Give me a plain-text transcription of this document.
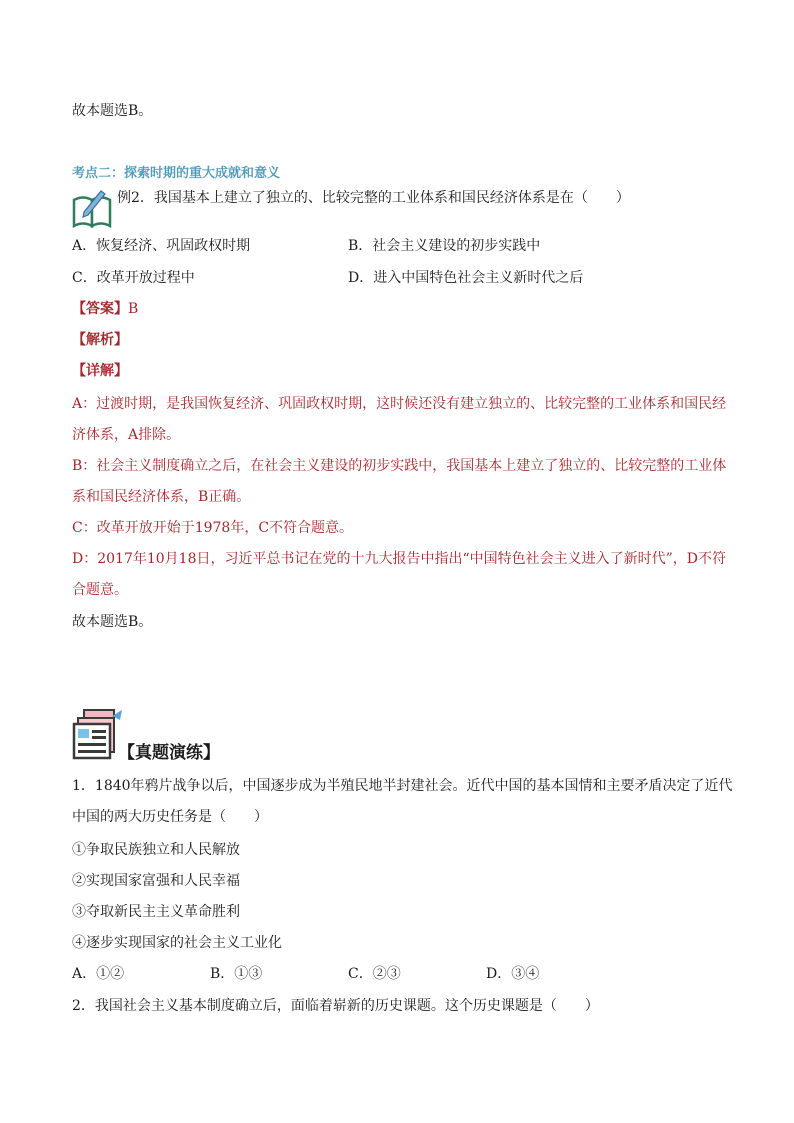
故本题选B。
考点二：探索时期的重大成就和意义
例2．我国基本上建立了独立的、比较完整的工业体系和国民经济体系是在（　　）
A．恢复经济、巩固政权时期	B．社会主义建设的初步实践中
C．改革开放过程中	D．进入中国特色社会主义新时代之后
【答案】B
【解析】
【详解】
A：过渡时期，是我国恢复经济、巩固政权时期，这时候还没有建立独立的、比较完整的工业体系和国民经
济体系，A排除。
B：社会主义制度确立之后，在社会主义建设的初步实践中，我国基本上建立了独立的、比较完整的工业体
系和国民经济体系，B正确。
C：改革开放开始于1978年，C不符合题意。
D：2017年10月18日，习近平总书记在党的十九大报告中指出“中国特色社会主义进入了新时代”，D不符
合题意。
故本题选B。
【真题演练】
1．1840年鸦片战争以后，中国逐步成为半殖民地半封建社会。近代中国的基本国情和主要矛盾决定了近代
中国的两大历史任务是（　　）
①争取民族独立和人民解放
②实现国家富强和人民幸福
③夺取新民主主义革命胜利
④逐步实现国家的社会主义工业化
A．①②	B．①③	C．②③	D．③④
2．我国社会主义基本制度确立后，面临着崭新的历史课题。这个历史课题是（　　）
